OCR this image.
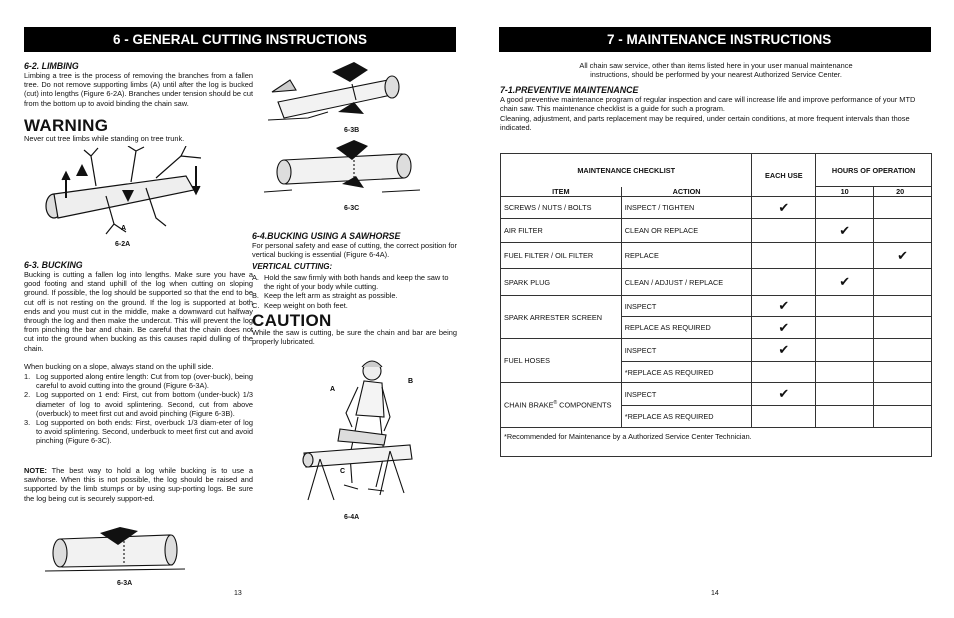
6 - GENERAL CUTTING INSTRUCTIONS
6-2. LIMBING
Limbing a tree is the process of removing the branches from a fallen tree. Do not remove supporting limbs (A) until after the log is bucked (cut) into lengths (Figure 6-2A). Branches under tension should be cut from the bottom up to avoid binding the chain saw.
WARNING
Never cut tree limbs while standing on tree trunk.
A
6-2A
6-3. BUCKING
Bucking is cutting a fallen log into lengths. Make sure you have a good footing and stand uphill of the log when cutting on sloping ground. If possible, the log should be supported so that the end to be cut off is not resting on the ground. If the log is supported at both ends and you must cut in the middle, make a downward cut halfway through the log and then make the undercut. This will prevent the log from pinching the bar and chain. Be careful that the chain does not cut into the ground when bucking as this causes rapid dulling of the chain.
When bucking on a slope, always stand on the uphill side.
1. Log supported along entire length: Cut from top (over-buck), being careful to avoid cutting into the ground (Figure 6-3A).
2. Log supported on 1 end: First, cut from bottom (under-buck) 1/3 diameter of log to avoid splintering. Second, cut from above (overbuck) to meet first cut and avoid pinching (Figure 6-3B).
3. Log supported on both ends: First, overbuck 1/3 diam-eter of log to avoid splintering. Second, underbuck to meet first cut and avoid pinching (Figure 6-3C).
NOTE: The best way to hold a log while bucking is to use a sawhorse. When this is not possible, the log should be raised and supported by the limb stumps or by using sup-porting logs. Be sure the log being cut is securely support-ed.
6-3A
6-3B
6-3C
6-4.BUCKING USING A SAWHORSE
For personal safety and ease of cutting, the correct position for vertical bucking is essential (Figure 6-4A).
VERTICAL CUTTING:
A. Hold the saw firmly with both hands and keep the saw to the right of your body while cutting.
B. Keep the left arm as straight as possible.
C. Keep weight on both feet.
CAUTION
While the saw is cutting, be sure the chain and bar are being properly lubricated.
A
B
C
6-4A
13
7 - MAINTENANCE INSTRUCTIONS
All chain saw service, other than items listed here in your user manual maintenance instructions, should be performed by your nearest Authorized Service Center.
7-1.PREVENTIVE MAINTENANCE
A good preventive maintenance program of regular inspection and care will increase life and improve performance of your MTD chain saw. This maintenance checklist is a guide for such a program.
Cleaning, adjustment, and parts replacement may be required, under certain conditions, at more frequent intervals than those indicated.
MAINTENANCE CHECKLIST		EACH USE	HOURS OF OPERATION	
ITEM	ACTION		10	20
SCREWS / NUTS / BOLTS	INSPECT / TIGHTEN	✔		
AIR FILTER	CLEAN OR REPLACE		✔	
FUEL FILTER / OIL FILTER	REPLACE			✔
SPARK PLUG	CLEAN / ADJUST / REPLACE		✔	
SPARK ARRESTER SCREEN	INSPECT	✔		
	REPLACE AS REQUIRED	✔		
FUEL HOSES	INSPECT	✔		
	*REPLACE AS REQUIRED			
CHAIN BRAKE® COMPONENTS	INSPECT	✔		
	*REPLACE AS REQUIRED			
*Recommended for Maintenance by a Authorized Service Center Technician.				
14
